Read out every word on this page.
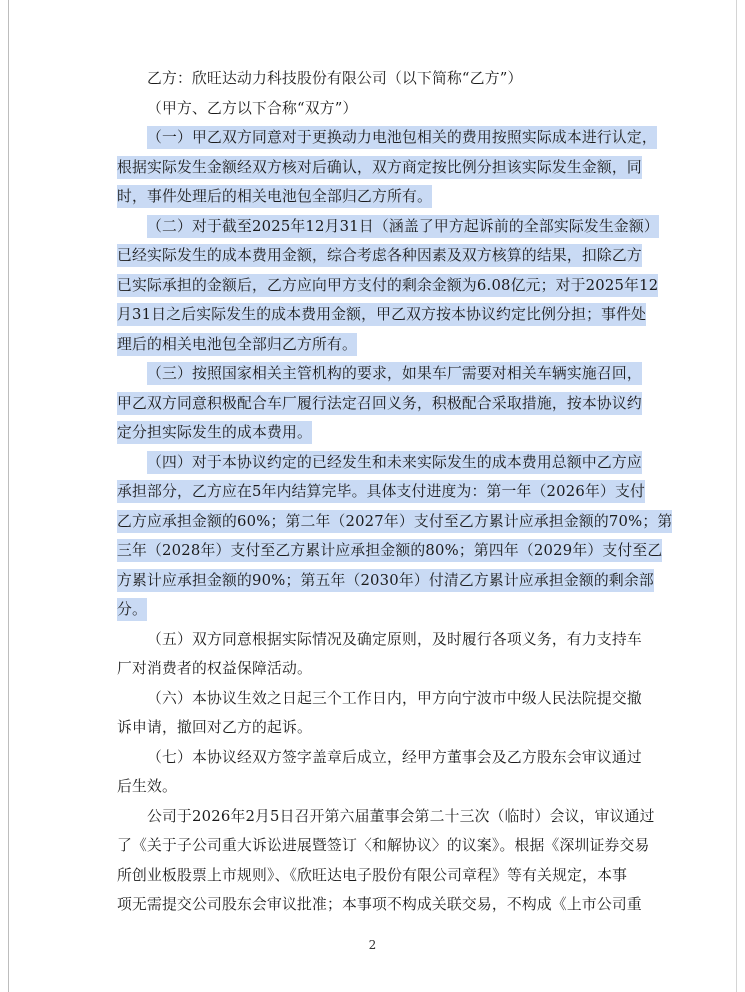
乙方：欣旺达动力科技股份有限公司（以下简称“乙方”）
（甲方、乙方以下合称“双方”）
（一）甲乙双方同意对于更换动力电池包相关的费用按照实际成本进行认定，
根据实际发生金额经双方核对后确认，双方商定按比例分担该实际发生金额，同
时，事件处理后的相关电池包全部归乙方所有。
（二）对于截至2025年12月31日（涵盖了甲方起诉前的全部实际发生金额）
已经实际发生的成本费用金额，综合考虑各种因素及双方核算的结果，扣除乙方
已实际承担的金额后，乙方应向甲方支付的剩余金额为6.08亿元；对于2025年12
月31日之后实际发生的成本费用金额，甲乙双方按本协议约定比例分担；事件处
理后的相关电池包全部归乙方所有。
（三）按照国家相关主管机构的要求，如果车厂需要对相关车辆实施召回，
甲乙双方同意积极配合车厂履行法定召回义务，积极配合采取措施，按本协议约
定分担实际发生的成本费用。
（四）对于本协议约定的已经发生和未来实际发生的成本费用总额中乙方应
承担部分，乙方应在5年内结算完毕。具体支付进度为：第一年（2026年）支付
乙方应承担金额的60%；第二年（2027年）支付至乙方累计应承担金额的70%；第
三年（2028年）支付至乙方累计应承担金额的80%；第四年（2029年）支付至乙
方累计应承担金额的90%；第五年（2030年）付清乙方累计应承担金额的剩余部
分。
（五）双方同意根据实际情况及确定原则，及时履行各项义务，有力支持车
厂对消费者的权益保障活动。
（六）本协议生效之日起三个工作日内，甲方向宁波市中级人民法院提交撤
诉申请，撤回对乙方的起诉。
（七）本协议经双方签字盖章后成立，经甲方董事会及乙方股东会审议通过
后生效。
公司于2026年2月5日召开第六届董事会第二十三次（临时）会议，审议通过
了《关于子公司重大诉讼进展暨签订〈和解协议〉的议案》。根据《深圳证券交易
所创业板股票上市规则》、《欣旺达电子股份有限公司章程》等有关规定，本事
项无需提交公司股东会审议批准；本事项不构成关联交易，不构成《上市公司重
2
